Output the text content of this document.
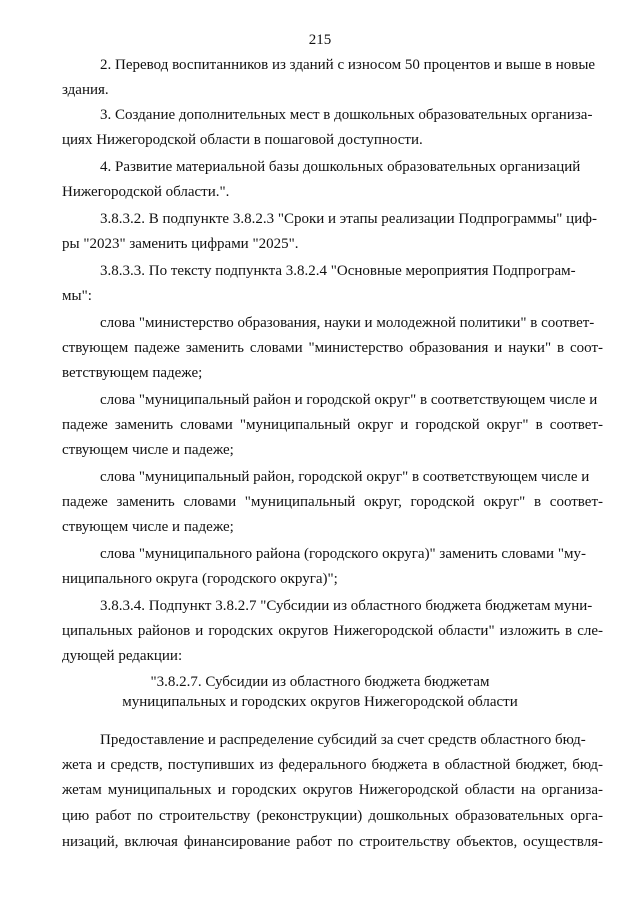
215
2. Перевод воспитанников из зданий с износом 50 процентов и выше в новые
здания.
3. Создание дополнительных мест в дошкольных образовательных организа-
циях Нижегородской области в пошаговой доступности.
4. Развитие материальной базы дошкольных образовательных организаций
Нижегородской области.".
3.8.3.2. В подпункте 3.8.2.3 "Сроки и этапы реализации Подпрограммы" циф-
ры "2023" заменить цифрами "2025".
3.8.3.3. По тексту подпункта 3.8.2.4 "Основные мероприятия Подпрограм-
мы":
слова "министерство образования, науки и молодежной политики" в соответ-
ствующем падеже заменить словами "министерство образования и науки" в соот-
ветствующем падеже;
слова "муниципальный район и городской округ" в соответствующем числе и
падеже заменить словами "муниципальный округ и городской округ" в соответ-
ствующем числе и падеже;
слова "муниципальный район, городской округ" в соответствующем числе и
падеже заменить словами "муниципальный округ, городской округ" в соответ-
ствующем числе и падеже;
слова "муниципального района (городского округа)" заменить словами "му-
ниципального округа (городского округа)";
3.8.3.4. Подпункт 3.8.2.7 "Субсидии из областного бюджета бюджетам муни-
ципальных районов и городских округов Нижегородской области" изложить в сле-
дующей редакции:
"3.8.2.7. Субсидии из областного бюджета бюджетам
муниципальных и городских округов Нижегородской области
Предоставление и распределение субсидий за счет средств областного бюд-
жета и средств, поступивших из федерального бюджета в областной бюджет, бюд-
жетам муниципальных и городских округов Нижегородской области на организа-
цию работ по строительству (реконструкции) дошкольных образовательных орга-
низаций, включая финансирование работ по строительству объектов, осуществля-
